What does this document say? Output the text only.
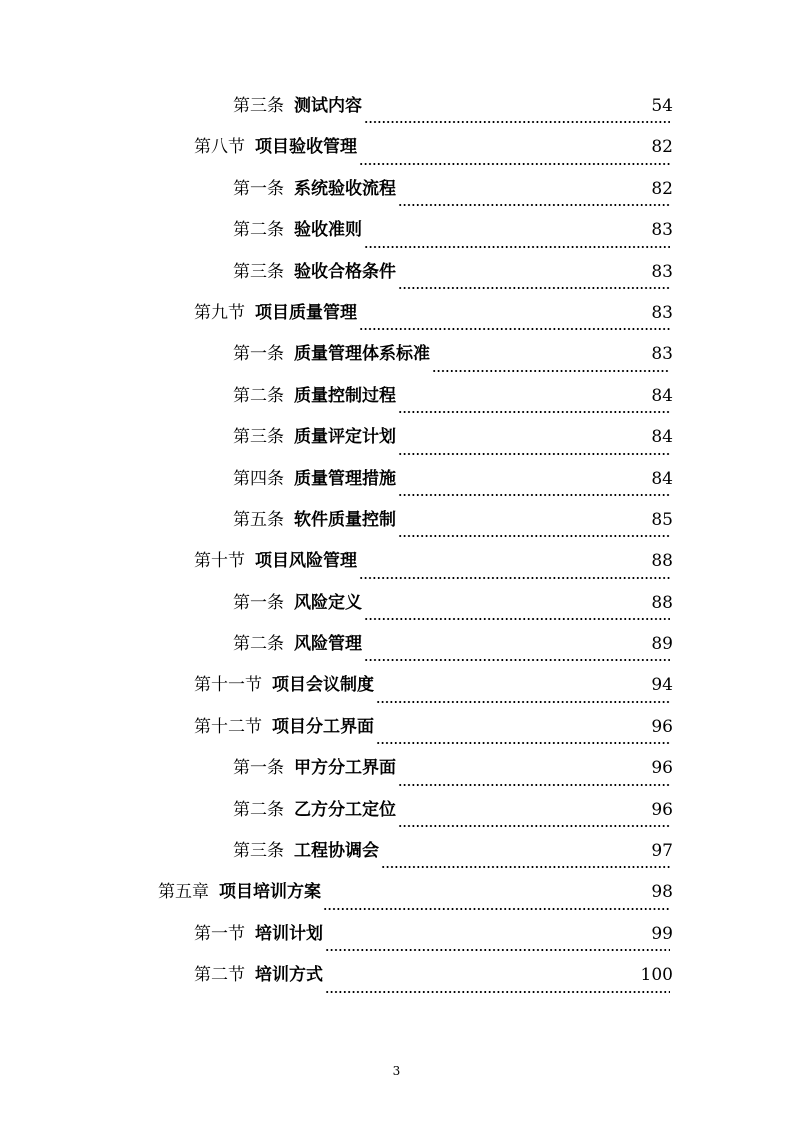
第三条 测试内容	54
第八节 项目验收管理	82
第一条 系统验收流程	82
第二条 验收准则	83
第三条 验收合格条件	83
第九节 项目质量管理	83
第一条 质量管理体系标准	83
第二条 质量控制过程	84
第三条 质量评定计划	84
第四条 质量管理措施	84
第五条 软件质量控制	85
第十节 项目风险管理	88
第一条 风险定义	88
第二条 风险管理	89
第十一节 项目会议制度	94
第十二节 项目分工界面	96
第一条 甲方分工界面	96
第二条 乙方分工定位	96
第三条 工程协调会	97
第五章 项目培训方案	98
第一节 培训计划	99
第二节 培训方式	100
3
